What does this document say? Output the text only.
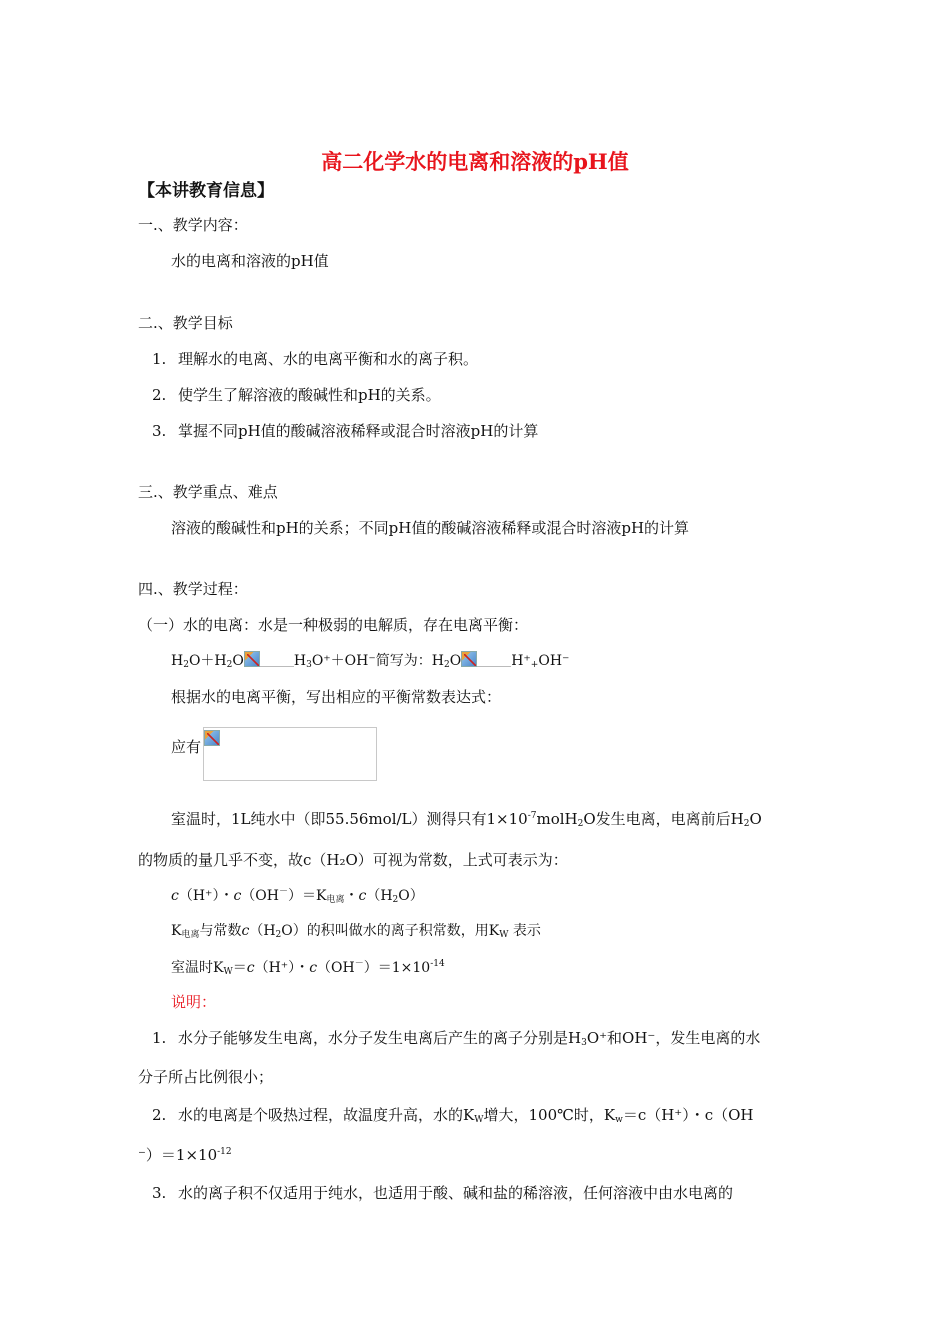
高二化学水的电离和溶液的pH值
【本讲教育信息】
一.、教学内容：
水的电离和溶液的pH值
二.、教学目标
1. 理解水的电离、水的电离平衡和水的离子积。
2. 使学生了解溶液的酸碱性和pH的关系。
3. 掌握不同pH值的酸碱溶液稀释或混合时溶液pH的计算
三.、教学重点、难点
溶液的酸碱性和pH的关系；不同pH值的酸碱溶液稀释或混合时溶液pH的计算
四.、教学过程：
（一）水的电离：水是一种极弱的电解质，存在电离平衡：
$H_2O+H_2O$	$H_3O^++OH^-$简写为：$H_2O$	$H^+_+OH^-$
根据水的电离平衡，写出相应的平衡常数表达式：
应有
室温时，1L纯水中（即55.56mol/L）测得只有$1\times 10^{-7}molH_2O$发生电离，电离前后$H_2O$
的物质的量几乎不变，故c（H₂O）可视为常数，上式可表示为：
c（H⁺）・$c(OH^-)=K_{电离}$・$c(H_2O)$
$K_{电离}$与常数$c(H_2O)$的积叫做水的离子积常数，用$K_W$ 表示
室温时$K_W=c(H^+)$・$c(OH^-)=1\times 10^{-14}$
说明：
1. 水分子能够发生电离，水分子发生电离后产生的离子分别是$H_3O^+$和OH⁻，发生电离的水
分子所占比例很小；
2. 水的电离是个吸热过程，故温度升高，水的$K_W$增大，100℃时，$K_w=c(H^+)$・c（OH
$^-)=1\times 10^{-12}$
3. 水的离子积不仅适用于纯水，也适用于酸、碱和盐的稀溶液，任何溶液中由水电离的
